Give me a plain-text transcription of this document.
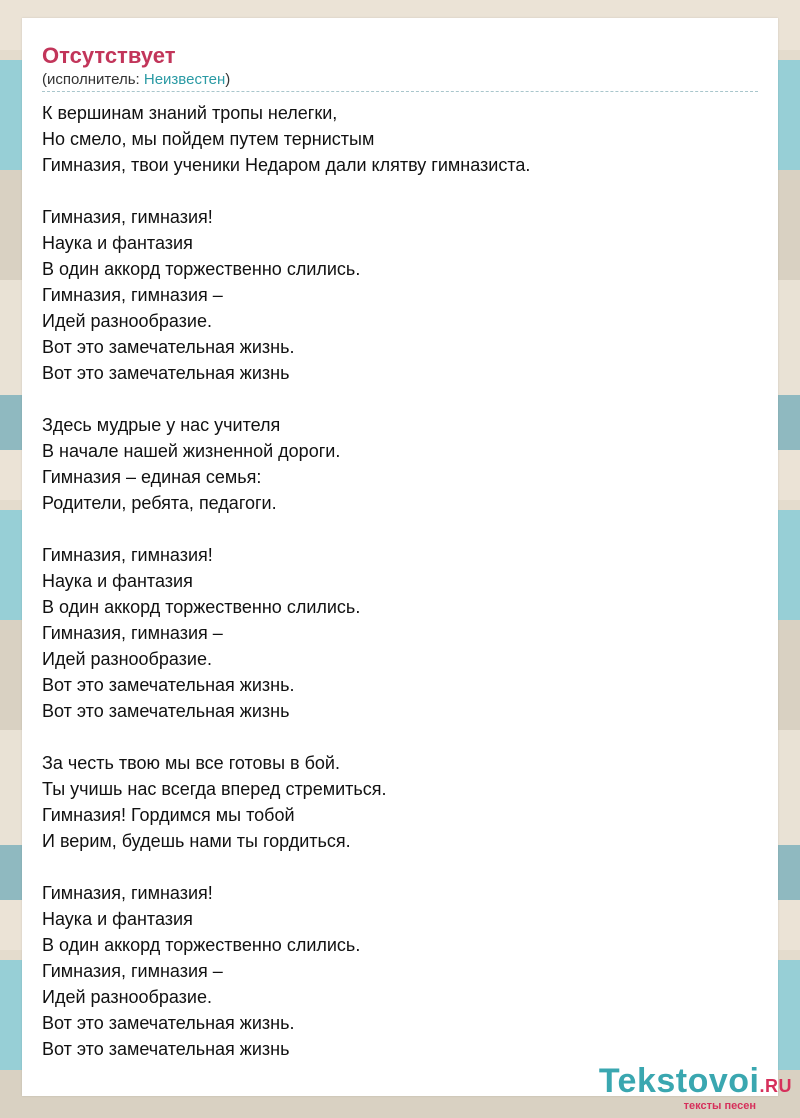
Отсутствует
(исполнитель: Неизвестен)
К вершинам знаний тропы нелегки,
Но смело, мы пойдем путем тернистым
Гимназия, твои ученики Недаром дали клятву гимназиста.
Гимназия, гимназия!
Наука и фантазия
В один аккорд торжественно слились.
Гимназия, гимназия –
Идей разнообразие.
Вот это замечательная жизнь.
Вот это замечательная жизнь
Здесь мудрые у нас учителя
В начале нашей жизненной дороги.
Гимназия – единая семья:
Родители, ребята, педагоги.
Гимназия, гимназия!
Наука и фантазия
В один аккорд торжественно слились.
Гимназия, гимназия –
Идей разнообразие.
Вот это замечательная жизнь.
Вот это замечательная жизнь
За честь твою мы все готовы в бой.
Ты учишь нас всегда вперед стремиться.
Гимназия! Гордимся мы тобой
И верим, будешь нами ты гордиться.
Гимназия, гимназия!
Наука и фантазия
В один аккорд торжественно слились.
Гимназия, гимназия –
Идей разнообразие.
Вот это замечательная жизнь.
Вот это замечательная жизнь
Tekstovoi.RU
тексты песен
